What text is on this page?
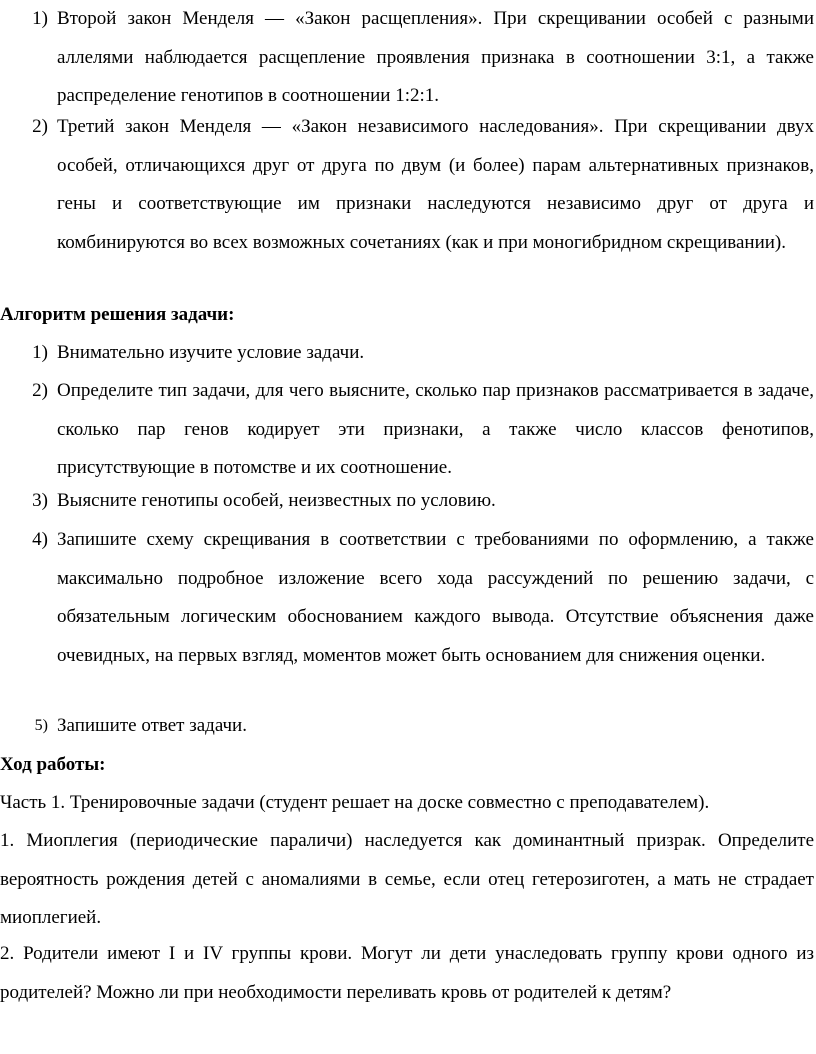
1) Второй закон Менделя — «Закон расщепления». При скрещивании особей с разными аллелями наблюдается расщепление проявления признака в соотношении 3:1, а также распределение генотипов в соотношении 1:2:1.
2) Третий закон Менделя — «Закон независимого наследования». При скрещивании двух особей, отличающихся друг от друга по двум (и более) парам альтернативных признаков, гены и соответствующие им признаки наследуются независимо друг от друга и комбинируются во всех возможных сочетаниях (как и при моногибридном скрещивании).
Алгоритм решения задачи:
1) Внимательно изучите условие задачи.
2) Определите тип задачи, для чего выясните, сколько пар признаков рассматривается в задаче, сколько пар генов кодирует эти признаки, а также число классов фенотипов, присутствующие в потомстве и их соотношение.
3) Выясните генотипы особей, неизвестных по условию.
4) Запишите схему скрещивания в соответствии с требованиями по оформлению, а также максимально подробное изложение всего хода рассуждений по решению задачи, с обязательным логическим обоснованием каждого вывода. Отсутствие объяснения даже очевидных, на первых взгляд, моментов может быть основанием для снижения оценки.
5) Запишите ответ задачи.
Ход работы:
Часть 1. Тренировочные задачи (студент решает на доске совместно с преподавателем).
1. Миоплегия (периодические параличи) наследуется как доминантный призрак. Определите вероятность рождения детей с аномалиями в семье, если отец гетерозиготен, а мать не страдает миоплегией.
2. Родители имеют I и IV группы крови. Могут ли дети унаследовать группу крови одного из родителей? Можно ли при необходимости переливать кровь от родителей к детям?
